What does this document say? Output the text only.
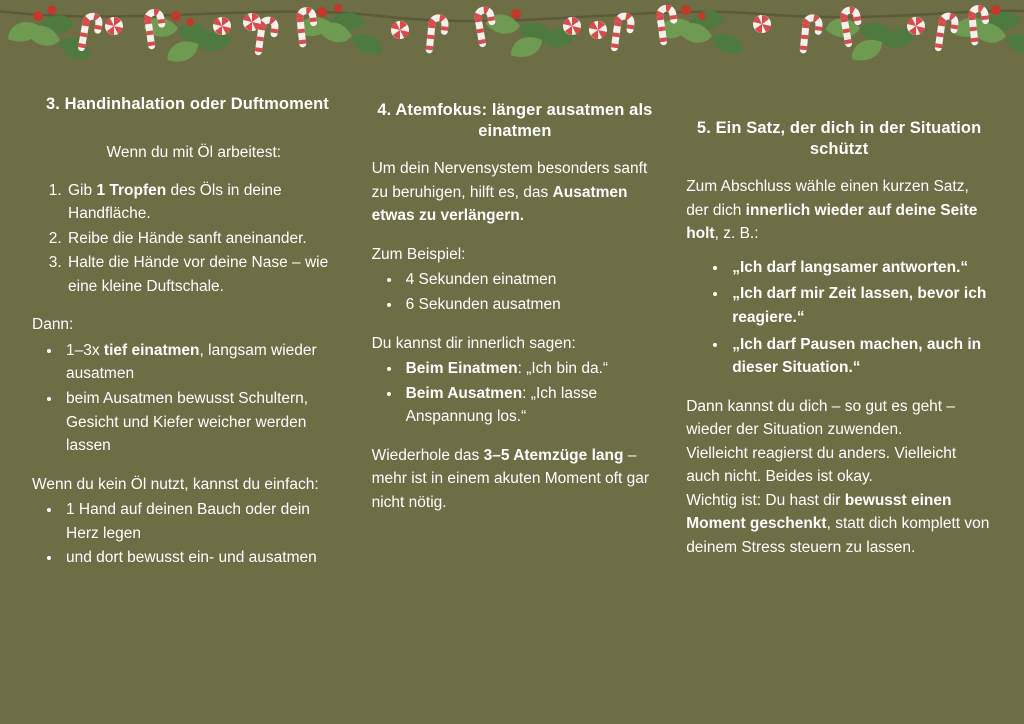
3. Handinhalation oder Duftmoment

Wenn du mit Öl arbeitest:

1. Gib 1 Tropfen des Öls in deine Handfläche.
2. Reibe die Hände sanft aneinander.
3. Halte die Hände vor deine Nase – wie eine kleine Duftschale.

Dann:

• 1–3x tief einatmen, langsam wieder ausatmen
• beim Ausatmen bewusst Schultern, Gesicht und Kiefer weicher werden lassen

Wenn du kein Öl nutzt, kannst du einfach:

• 1 Hand auf deinen Bauch oder dein Herz legen
• und dort bewusst ein- und ausatmen
4. Atemfokus: länger ausatmen als einatmen

Um dein Nervensystem besonders sanft zu beruhigen, hilft es, das Ausatmen etwas zu verlängern.

Zum Beispiel:

• 4 Sekunden einatmen
• 6 Sekunden ausatmen

Du kannst dir innerlich sagen:

• Beim Einatmen: „Ich bin da.“
• Beim Ausatmen: „Ich lasse Anspannung los.“

Wiederhole das 3–5 Atemzüge lang – mehr ist in einem akuten Moment oft gar nicht nötig.

5. Ein Satz, der dich in der Situation schützt

Zum Abschluss wähle einen kurzen Satz, der dich innerlich wieder auf deine Seite holt, z. B.:

• „Ich darf langsamer antworten.“
• „Ich darf mir Zeit lassen, bevor ich reagiere.“
• „Ich darf Pausen machen, auch in dieser Situation.“

Dann kannst du dich – so gut es geht – wieder der Situation zuwenden.

Vielleicht reagierst du anders. Vielleicht auch nicht. Beides ist okay.

Wichtig ist: Du hast dir bewusst einen Moment geschenkt, statt dich komplett von deinem Stress steuern zu lassen.
